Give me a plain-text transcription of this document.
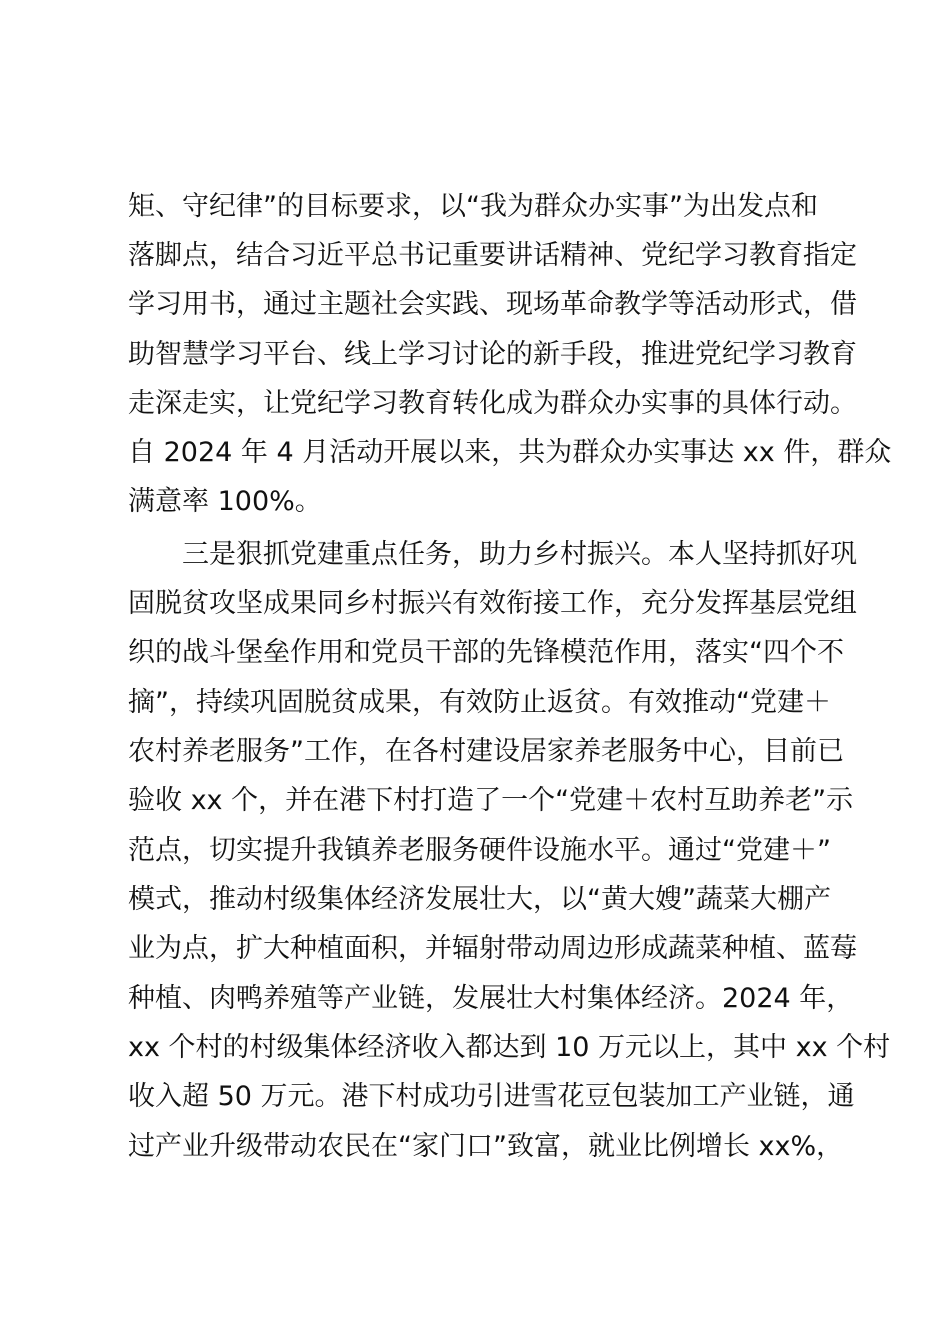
矩、守纪律”的目标要求，以“我为群众办实事”为出发点和
落脚点，结合习近平总书记重要讲话精神、党纪学习教育指定
学习用书，通过主题社会实践、现场革命教学等活动形式，借
助智慧学习平台、线上学习讨论的新手段，推进党纪学习教育
走深走实，让党纪学习教育转化成为群众办实事的具体行动。
自 2024 年 4 月活动开展以来，共为群众办实事达 xx 件，群众
满意率 100%。
三是狠抓党建重点任务，助力乡村振兴。本人坚持抓好巩
固脱贫攻坚成果同乡村振兴有效衔接工作，充分发挥基层党组
织的战斗堡垒作用和党员干部的先锋模范作用，落实“四个不
摘”，持续巩固脱贫成果，有效防止返贫。有效推动“党建＋
农村养老服务”工作，在各村建设居家养老服务中心，目前已
验收 xx 个，并在港下村打造了一个“党建＋农村互助养老”示
范点，切实提升我镇养老服务硬件设施水平。通过“党建＋”
模式，推动村级集体经济发展壮大，以“黄大嫂”蔬菜大棚产
业为点，扩大种植面积，并辐射带动周边形成蔬菜种植、蓝莓
种植、肉鸭养殖等产业链，发展壮大村集体经济。2024 年，
xx 个村的村级集体经济收入都达到 10 万元以上，其中 xx 个村
收入超 50 万元。港下村成功引进雪花豆包装加工产业链，通
过产业升级带动农民在“家门口”致富，就业比例增长 xx%，
